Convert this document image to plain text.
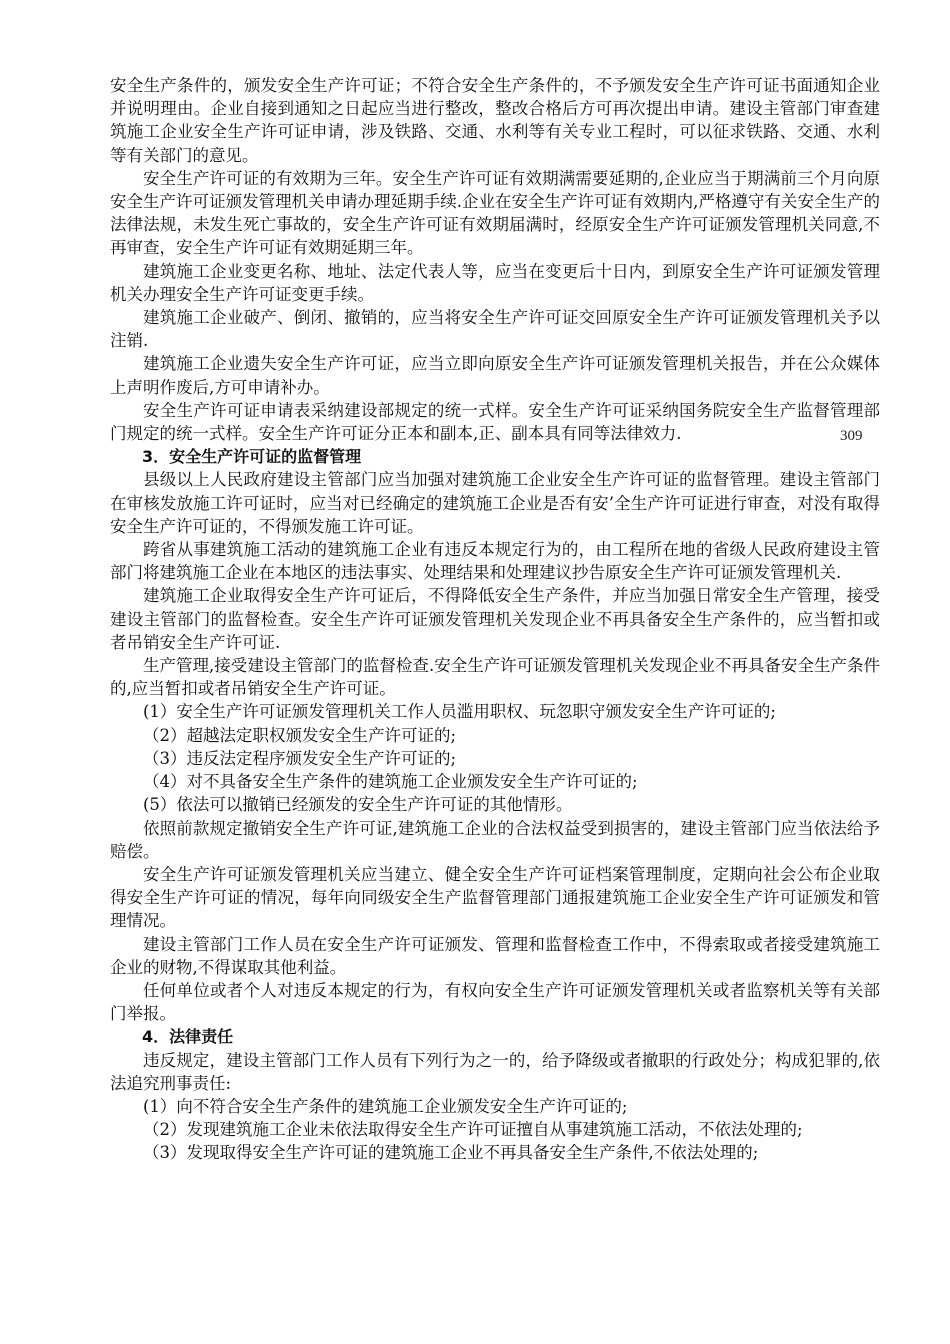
安全生产条件的，颁发安全生产许可证；不符合安全生产条件的，不予颁发安全生产许可证书面通知企业并说明理由。企业自接到通知之日起应当进行整改，整改合格后方可再次提出申请。建设主管部门审查建筑施工企业安全生产许可证申请，涉及铁路、交通、水利等有关专业工程时，可以征求铁路、交通、水利等有关部门的意见。

安全生产许可证的有效期为三年。安全生产许可证有效期满需要延期的,企业应当于期满前三个月向原安全生产许可证颁发管理机关申请办理延期手续.企业在安全生产许可证有效期内,严格遵守有关安全生产的法律法规，未发生死亡事故的，安全生产许可证有效期届满时，经原安全生产许可证颁发管理机关同意,不再审查，安全生产许可证有效期延期三年。

建筑施工企业变更名称、地址、法定代表人等，应当在变更后十日内，到原安全生产许可证颁发管理机关办理安全生产许可证变更手续。

建筑施工企业破产、倒闭、撤销的，应当将安全生产许可证交回原安全生产许可证颁发管理机关予以注销.

建筑施工企业遗失安全生产许可证，应当立即向原安全生产许可证颁发管理机关报告，并在公众媒体上声明作废后,方可申请补办。

安全生产许可证申请表采纳建设部规定的统一式样。安全生产许可证采纳国务院安全生产监督管理部门规定的统一式样。安全生产许可证分正本和副本,正、副本具有同等法律效力.

3．安全生产许可证的监督管理

县级以上人民政府建设主管部门应当加强对建筑施工企业安全生产许可证的监督管理。建设主管部门在审核发放施工许可证时，应当对已经确定的建筑施工企业是否有安’全生产许可证进行审查，对没有取得安全生产许可证的，不得颁发施工许可证。

跨省从事建筑施工活动的建筑施工企业有违反本规定行为的，由工程所在地的省级人民政府建设主管部门将建筑施工企业在本地区的违法事实、处理结果和处理建议抄告原安全生产许可证颁发管理机关.

建筑施工企业取得安全生产许可证后，不得降低安全生产条件，并应当加强日常安全生产管理，接受建设主管部门的监督检查。安全生产许可证颁发管理机关发现企业不再具备安全生产条件的，应当暂扣或者吊销安全生产许可证.

生产管理,接受建设主管部门的监督检查.安全生产许可证颁发管理机关发现企业不再具备安全生产条件的,应当暂扣或者吊销安全生产许可证。

(1）安全生产许可证颁发管理机关工作人员滥用职权、玩忽职守颁发安全生产许可证的;

（2）超越法定职权颁发安全生产许可证的;

（3）违反法定程序颁发安全生产许可证的;

（4）对不具备安全生产条件的建筑施工企业颁发安全生产许可证的;

(5）依法可以撤销已经颁发的安全生产许可证的其他情形。

依照前款规定撤销安全生产许可证,建筑施工企业的合法权益受到损害的，建设主管部门应当依法给予赔偿。

安全生产许可证颁发管理机关应当建立、健全安全生产许可证档案管理制度，定期向社会公布企业取得安全生产许可证的情况，每年向同级安全生产监督管理部门通报建筑施工企业安全生产许可证颁发和管理情况。

建设主管部门工作人员在安全生产许可证颁发、管理和监督检查工作中，不得索取或者接受建筑施工企业的财物,不得谋取其他利益。

任何单位或者个人对违反本规定的行为，有权向安全生产许可证颁发管理机关或者监察机关等有关部门举报。

4．法律责任

违反规定，建设主管部门工作人员有下列行为之一的，给予降级或者撤职的行政处分；构成犯罪的,依法追究刑事责任:

(1）向不符合安全生产条件的建筑施工企业颁发安全生产许可证的;

（2）发现建筑施工企业未依法取得安全生产许可证擅自从事建筑施工活动，不依法处理的;

（3）发现取得安全生产许可证的建筑施工企业不再具备安全生产条件,不依法处理的;

309
